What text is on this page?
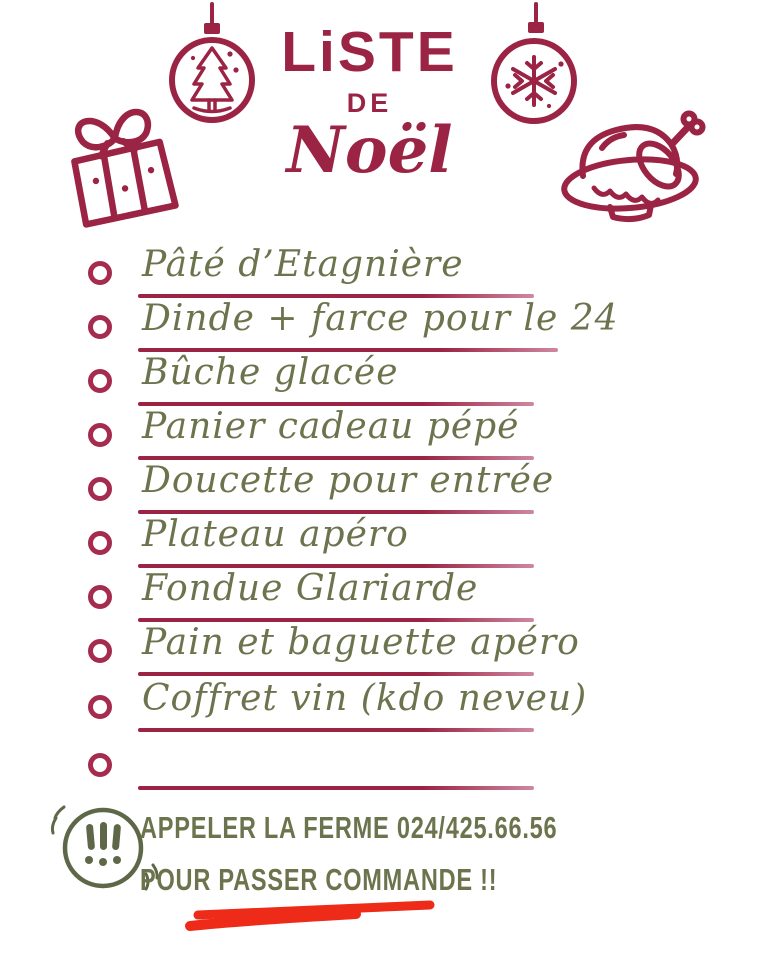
LiSTE
DE
Noël
Pâté d’Etagnière
Dinde + farce pour le 24
Bûche glacée
Panier cadeau pépé
Doucette pour entrée
Plateau apéro
Fondue Glariarde
Pain et baguette apéro
Coffret vin (kdo neveu)
APPELER LA FERME 024/425.66.56
POUR PASSER COMMANDE !!
